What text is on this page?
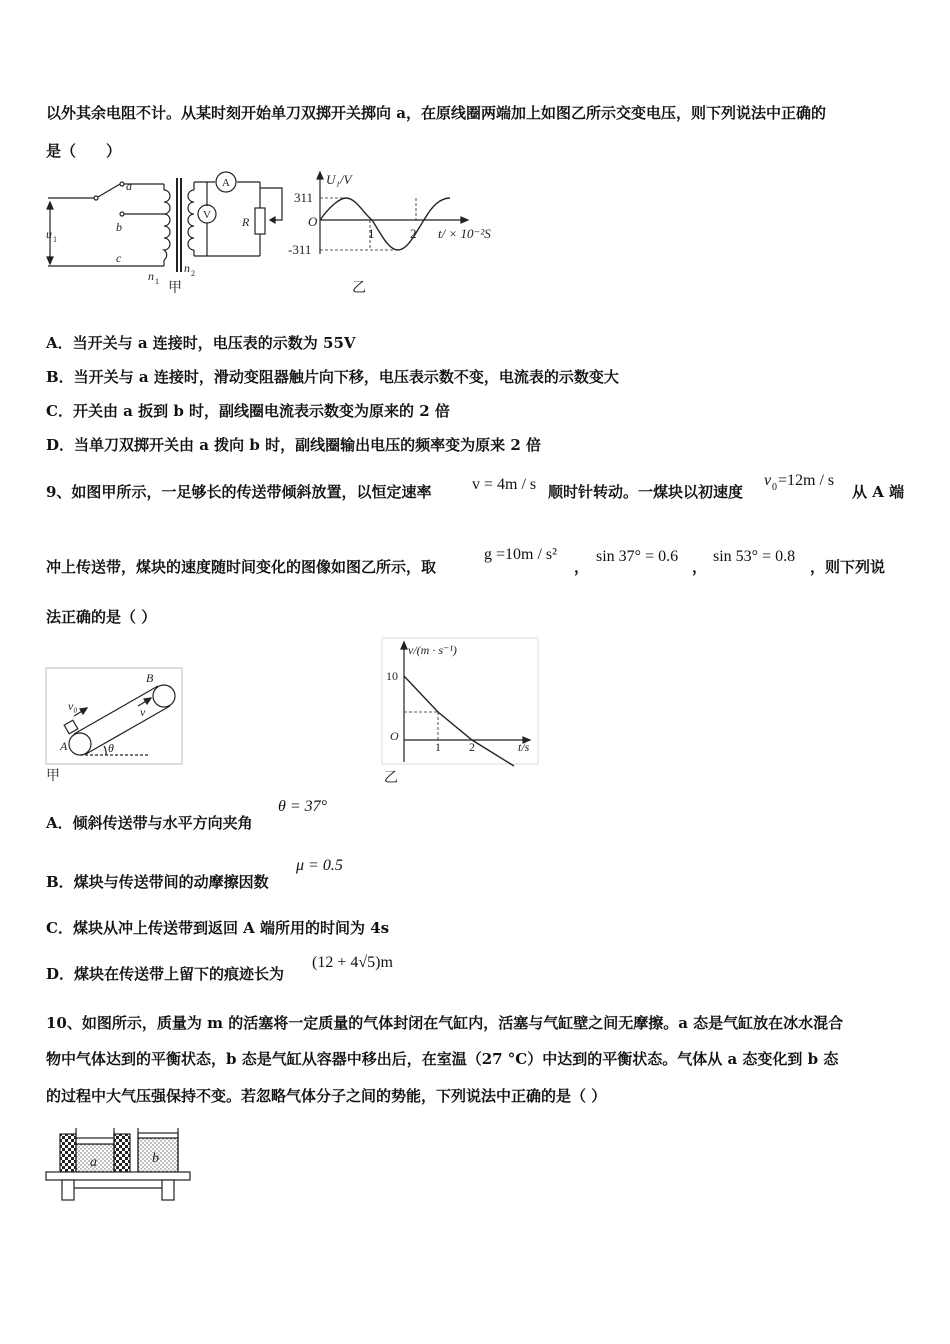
以外其余电阻不计。从某时刻开始单刀双掷开关掷向 a，在原线圈两端加上如图乙所示交变电压，则下列说法中正确的
是（　　）
a
b
c
u 1
n 1
n 2
A
V	R
甲
U₁/V
311
-311
O
1	2 t/ × 10⁻²S
乙
A．当开关与 a 连接时，电压表的示数为 55V
B．当开关与 a 连接时，滑动变阻器触片向下移，电压表示数不变，电流表的示数变大
C．开关由 a 扳到 b 时，副线圈电流表示数变为原来的 2 倍
D．当单刀双掷开关由 a 拨向 b 时，副线圈输出电压的频率变为原来 2 倍
9、如图甲所示，一足够长的传送带倾斜放置，以恒定速率	v = 4m / s 顺时针转动。一煤块以初速度
v 0 =12m / s
从 A 端
冲上传送带，煤块的速度随时间变化的图像如图乙所示，取
g =10m / s²
，
sin 37° = 0.6
，
sin 53° = 0.8
，则下列说
法正确的是（ ）
A
B
v₀	v
θ
甲
v/(m · s⁻¹)
10
O
1 2	t/s
乙
A．倾斜传送带与水平方向夹角
θ = 37°
B．煤块与传送带间的动摩擦因数
μ = 0.5
C．煤块从冲上传送带到返回 A 端所用的时间为 4s
D．煤块在传送带上留下的痕迹长为
(12 + 4√5)m
10、如图所示，质量为 m 的活塞将一定质量的气体封闭在气缸内，活塞与气缸壁之间无摩擦。a 态是气缸放在冰水混合
物中气体达到的平衡状态，b 态是气缸从容器中移出后，在室温（27 °C）中达到的平衡状态。气体从 a 态变化到 b 态
的过程中大气压强保持不变。若忽略气体分子之间的势能，下列说法中正确的是（ ）
a	b
